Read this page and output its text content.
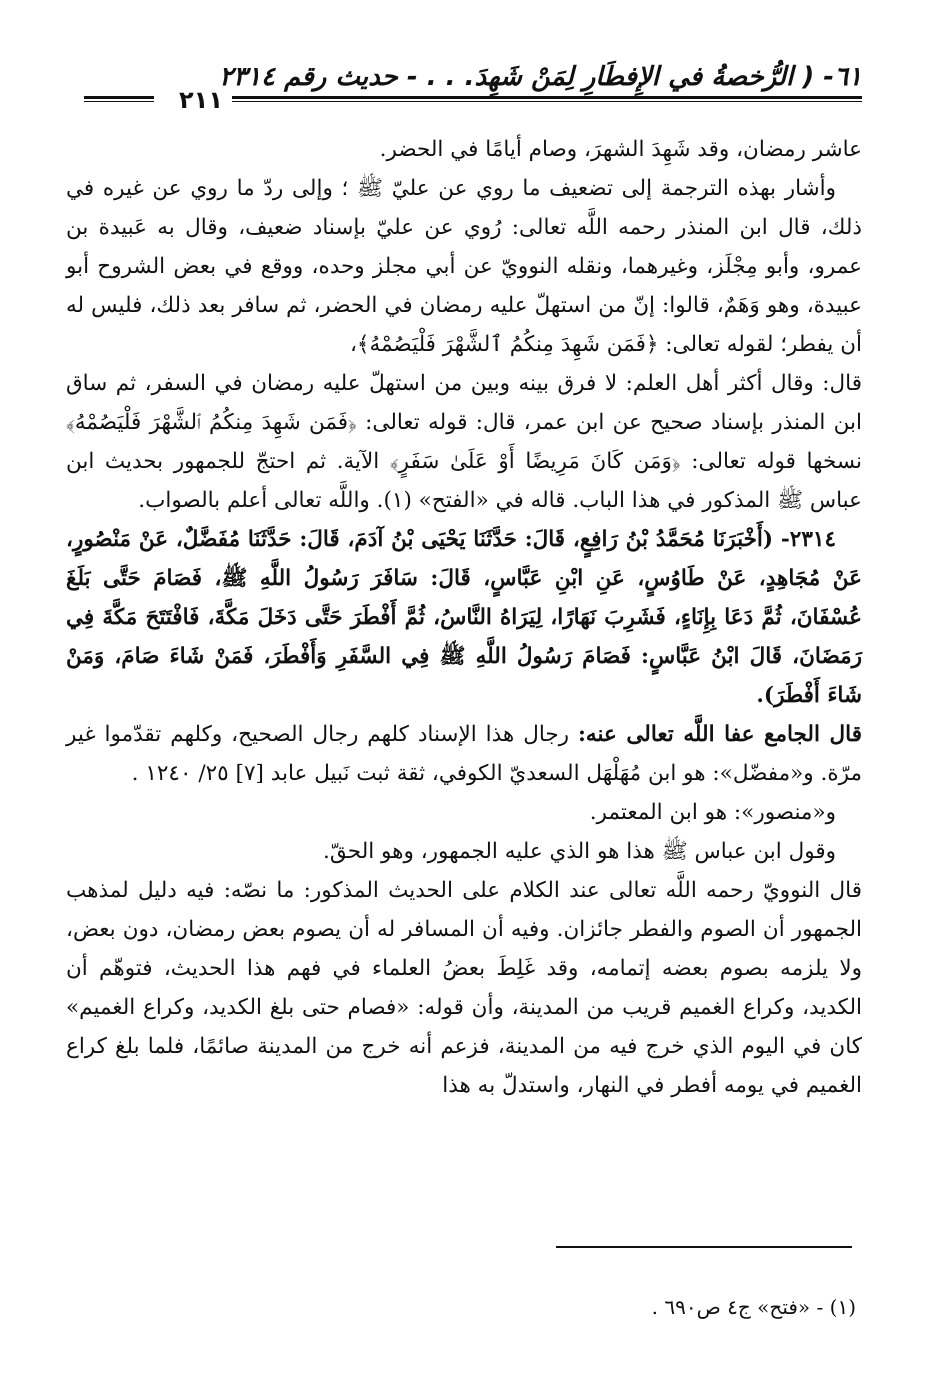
٦١- ( الرُّخصةُ في الإِفطَارِ لِمَنْ شَهِدَ. . . - حديث رقم ٢٣١٤
٢١١

عاشر رمضان، وقد شَهِدَ الشهرَ، وصام أيامًا في الحضر.

وأشار بهذه الترجمة إلى تضعيف ما روي عن عليّ ﷺ ؛ وإلى ردّ ما روي عن غيره في ذلك، قال ابن المنذر رحمه اللَّه تعالى: رُوي عن عليّ بإسناد ضعيف، وقال به عَبيدة بن عمرو، وأبو مِجْلَز، وغيرهما، ونقله النوويّ عن أبي مجلز وحده، ووقع في بعض الشروح أبو عبيدة، وهو وَهَمٌ، قالوا: إنّ من استهلّ عليه رمضان في الحضر، ثم سافر بعد ذلك، فليس له أن يفطر؛ لقوله تعالى: ﴿فَمَن شَهِدَ مِنكُمُ ٱلشَّهْرَ فَلْيَصُمْهُ﴾،

قال: وقال أكثر أهل العلم: لا فرق بينه وبين من استهلّ عليه رمضان في السفر، ثم ساق ابن المنذر بإسناد صحيح عن ابن عمر، قال: قوله تعالى: ﴿فَمَن شَهِدَ مِنكُمُ ٱلشَّهْرَ فَلْيَصُمْهُ﴾ نسخها قوله تعالى: ﴿وَمَن كَانَ مَرِيضًا أَوْ عَلَىٰ سَفَرٍ﴾ الآية. ثم احتجّ للجمهور بحديث ابن عباس ﷺ المذكور في هذا الباب. قاله في «الفتح» (١). واللَّه تعالى أعلم بالصواب.

٢٣١٤- (أَخْبَرَنَا مُحَمَّدُ بْنُ رَافِعٍ، قَالَ: حَدَّثَنَا يَحْيَى بْنُ آدَمَ، قَالَ: حَدَّثَنَا مُفَضَّلٌ، عَنْ مَنْصُورٍ، عَنْ مُجَاهِدٍ، عَنْ طَاوُسٍ، عَنِ ابْنِ عَبَّاسٍ، قَالَ: سَافَرَ رَسُولُ اللَّهِ ﷺ، فَصَامَ حَتَّى بَلَغَ عُسْفَانَ، ثُمَّ دَعَا بِإِنَاءٍ، فَشَرِبَ نَهَارًا، لِيَرَاهُ النَّاسُ، ثُمَّ أَفْطَرَ حَتَّى دَخَلَ مَكَّةَ، فَافْتَتَحَ مَكَّةَ فِي رَمَضَانَ، قَالَ ابْنُ عَبَّاسٍ: فَصَامَ رَسُولُ اللَّهِ ﷺ فِي السَّفَرِ وَأَفْطَرَ، فَمَنْ شَاءَ صَامَ، وَمَنْ شَاءَ أَفْطَرَ).

قال الجامع عفا اللَّه تعالى عنه: رجال هذا الإسناد كلهم رجال الصحيح، وكلهم تقدّموا غير مرّة. و«مفضّل»: هو ابن مُهَلْهَل السعديّ الكوفي، ثقة ثبت نَبيل عابد [٧] ٢٥/ ١٢٤٠ .

و«منصور»: هو ابن المعتمر.

وقول ابن عباس ﷺ هذا هو الذي عليه الجمهور، وهو الحقّ.

قال النوويّ رحمه اللَّه تعالى عند الكلام على الحديث المذكور: ما نصّه: فيه دليل لمذهب الجمهور أن الصوم والفطر جائزان. وفيه أن المسافر له أن يصوم بعض رمضان، دون بعض، ولا يلزمه بصوم بعضه إتمامه، وقد غَلِطَ بعضُ العلماء في فهم هذا الحديث، فتوهّم أن الكديد، وكراع الغميم قريب من المدينة، وأن قوله: «فصام حتى بلغ الكديد، وكراع الغميم» كان في اليوم الذي خرج فيه من المدينة، فزعم أنه خرج من المدينة صائمًا، فلما بلغ كراع الغميم في يومه أفطر في النهار، واستدلّ به هذا

(١) - «فتح» ج٤ ص٦٩٠ .
